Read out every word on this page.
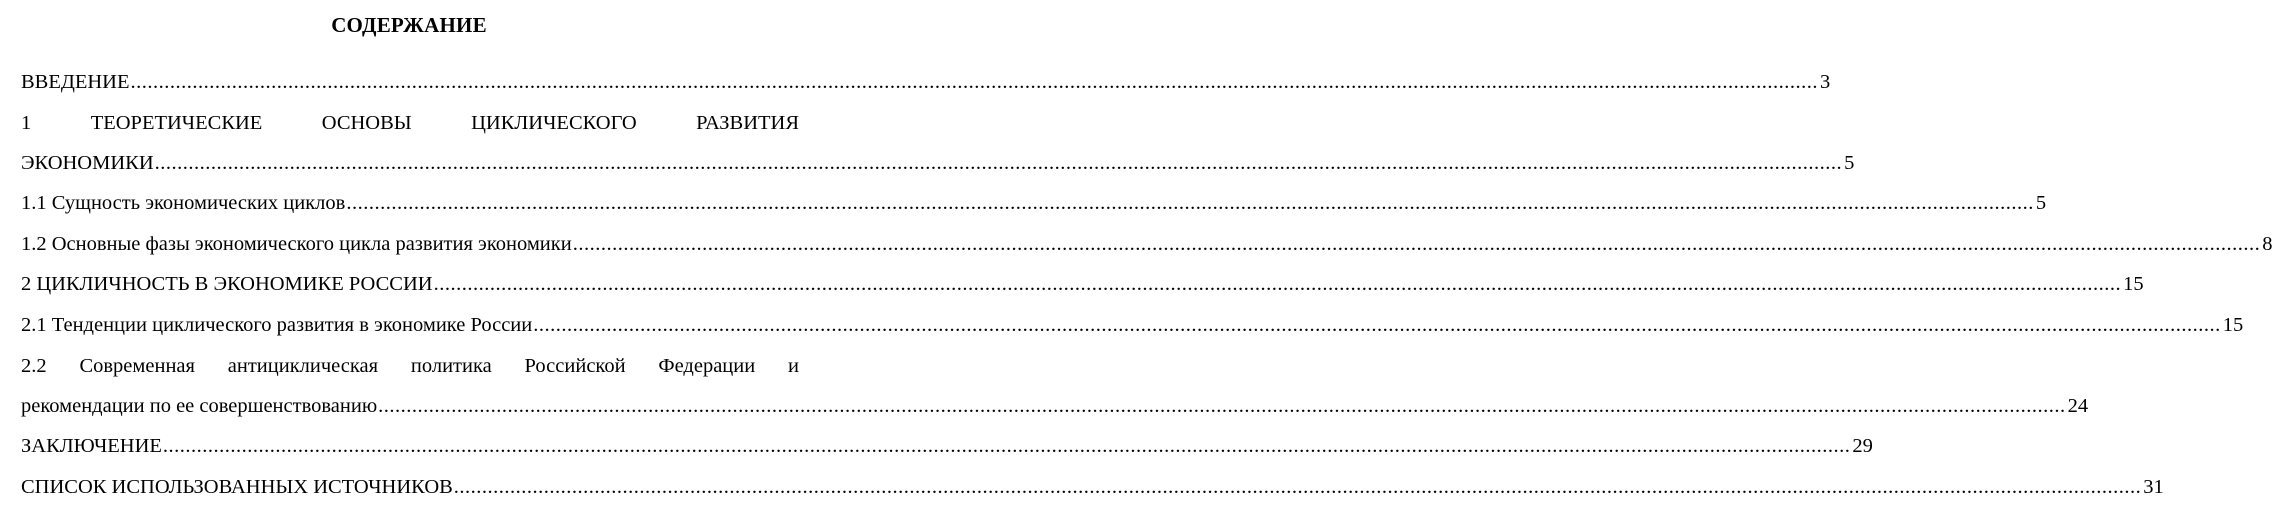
СОДЕРЖАНИЕ
ВВЕДЕНИЕ ............................................................................................................................................................................................................................................................................................................ 3
1 ТЕОРЕТИЧЕСКИЕ ОСНОВЫ ЦИКЛИЧЕСКОГО РАЗВИТИЯ
ЭКОНОМИКИ ............................................................................................................................................................................................................................................................................................................ 5
1.1 Сущность экономических циклов ............................................................................................................................................................................................................................................................................................................ 5
1.2 Основные фазы экономического цикла развития экономики ............................................................................................................................................................................................................................................................................................................ 8
2 ЦИКЛИЧНОСТЬ В ЭКОНОМИКЕ РОССИИ ............................................................................................................................................................................................................................................................................................................ 15
2.1 Тенденции циклического развития в экономике России ............................................................................................................................................................................................................................................................................................................ 15
2.2 Современная антициклическая политика Российской Федерации и
рекомендации по ее совершенствованию ............................................................................................................................................................................................................................................................................................................ 24
ЗАКЛЮЧЕНИЕ ............................................................................................................................................................................................................................................................................................................ 29
СПИСОК ИСПОЛЬЗОВАННЫХ ИСТОЧНИКОВ ............................................................................................................................................................................................................................................................................................................ 31
